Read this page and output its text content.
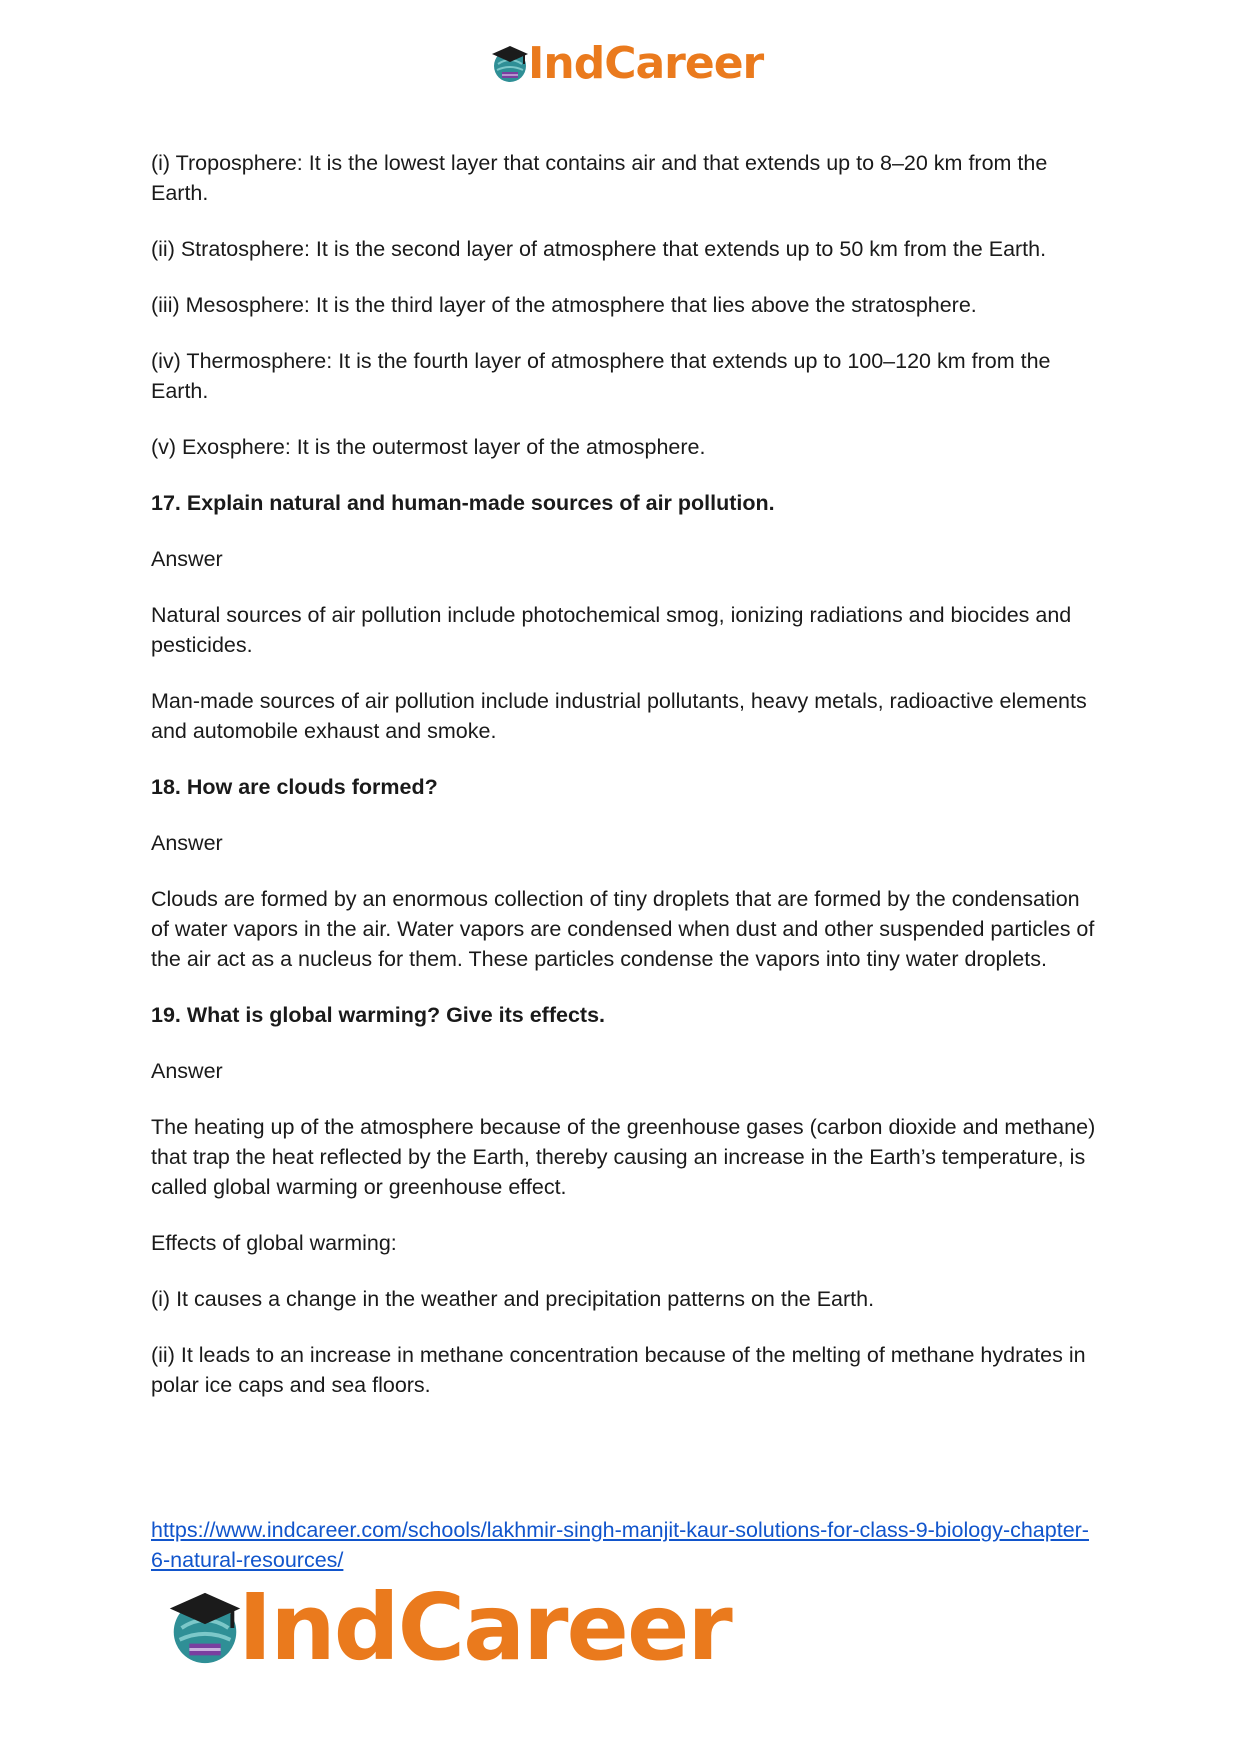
IndCareer

(i) Troposphere: It is the lowest layer that contains air and that extends up to 8–20 km from the Earth.

(ii) Stratosphere: It is the second layer of atmosphere that extends up to 50 km from the Earth.

(iii) Mesosphere: It is the third layer of the atmosphere that lies above the stratosphere.

(iv) Thermosphere: It is the fourth layer of atmosphere that extends up to 100–120 km from the Earth.

(v) Exosphere: It is the outermost layer of the atmosphere.

17. Explain natural and human-made sources of air pollution.

Answer

Natural sources of air pollution include photochemical smog, ionizing radiations and biocides and pesticides.

Man-made sources of air pollution include industrial pollutants, heavy metals, radioactive elements and automobile exhaust and smoke.

18. How are clouds formed?

Answer

Clouds are formed by an enormous collection of tiny droplets that are formed by the condensation of water vapors in the air. Water vapors are condensed when dust and other suspended particles of the air act as a nucleus for them. These particles condense the vapors into tiny water droplets.

19. What is global warming? Give its effects.

Answer

The heating up of the atmosphere because of the greenhouse gases (carbon dioxide and methane) that trap the heat reflected by the Earth, thereby causing an increase in the Earth’s temperature, is called global warming or greenhouse effect.

Effects of global warming:

(i) It causes a change in the weather and precipitation patterns on the Earth.

(ii) It leads to an increase in methane concentration because of the melting of methane hydrates in polar ice caps and sea floors.

https://www.indcareer.com/schools/lakhmir-singh-manjit-kaur-solutions-for-class-9-biology-chapter-6-natural-resources/
IndCareer
